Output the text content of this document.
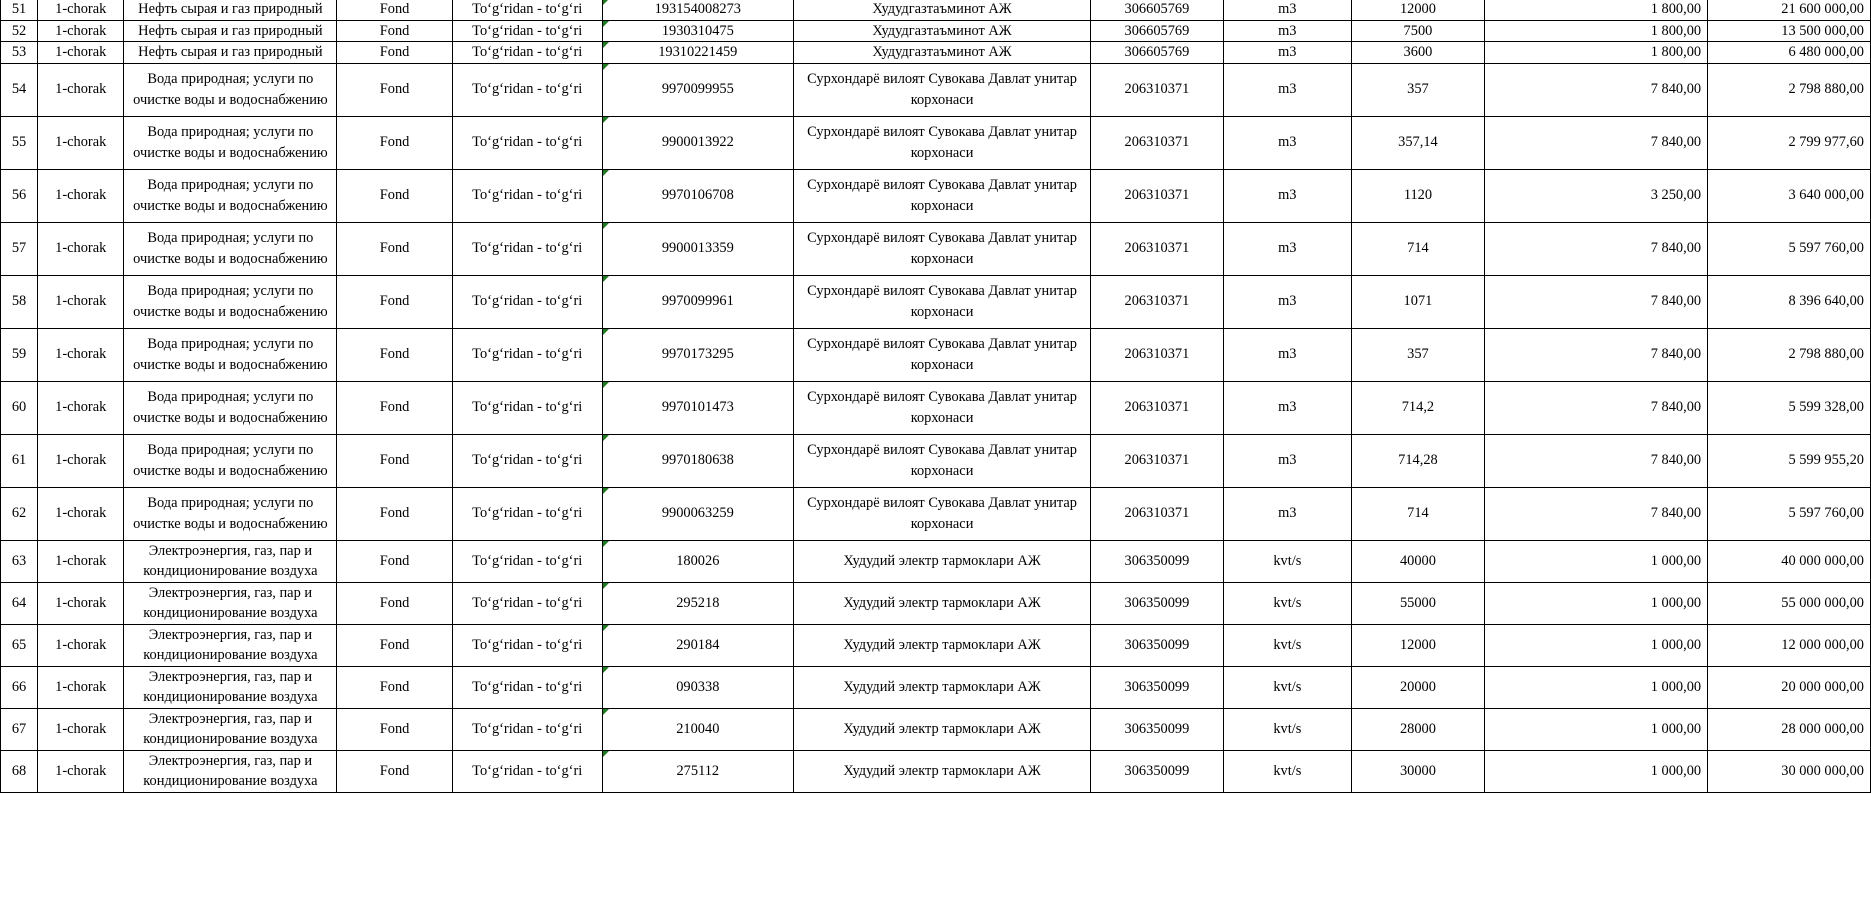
51	1-chorak	Нефть сырая и газ природный	Fond	To‘g‘ridan - to‘g‘ri	193154008273	Худудгазтаъминот АЖ	306605769	m3	12000	1 800,00	21 600 000,00
52	1-chorak	Нефть сырая и газ природный	Fond	To‘g‘ridan - to‘g‘ri	1930310475	Худудгазтаъминот АЖ	306605769	m3	7500	1 800,00	13 500 000,00
53	1-chorak	Нефть сырая и газ природный	Fond	To‘g‘ridan - to‘g‘ri	19310221459	Худудгазтаъминот АЖ	306605769	m3	3600	1 800,00	6 480 000,00
54	1-chorak	Вода природная; услуги по очистке воды и водоснабжению	Fond	To‘g‘ridan - to‘g‘ri	9970099955	Сурхондарё вилоят Сувокава Давлат унитар корхонаси	206310371	m3	357	7 840,00	2 798 880,00
55	1-chorak	Вода природная; услуги по очистке воды и водоснабжению	Fond	To‘g‘ridan - to‘g‘ri	9900013922	Сурхондарё вилоят Сувокава Давлат унитар корхонаси	206310371	m3	357,14	7 840,00	2 799 977,60
56	1-chorak	Вода природная; услуги по очистке воды и водоснабжению	Fond	To‘g‘ridan - to‘g‘ri	9970106708	Сурхондарё вилоят Сувокава Давлат унитар корхонаси	206310371	m3	1120	3 250,00	3 640 000,00
57	1-chorak	Вода природная; услуги по очистке воды и водоснабжению	Fond	To‘g‘ridan - to‘g‘ri	9900013359	Сурхондарё вилоят Сувокава Давлат унитар корхонаси	206310371	m3	714	7 840,00	5 597 760,00
58	1-chorak	Вода природная; услуги по очистке воды и водоснабжению	Fond	To‘g‘ridan - to‘g‘ri	9970099961	Сурхондарё вилоят Сувокава Давлат унитар корхонаси	206310371	m3	1071	7 840,00	8 396 640,00
59	1-chorak	Вода природная; услуги по очистке воды и водоснабжению	Fond	To‘g‘ridan - to‘g‘ri	9970173295	Сурхондарё вилоят Сувокава Давлат унитар корхонаси	206310371	m3	357	7 840,00	2 798 880,00
60	1-chorak	Вода природная; услуги по очистке воды и водоснабжению	Fond	To‘g‘ridan - to‘g‘ri	9970101473	Сурхондарё вилоят Сувокава Давлат унитар корхонаси	206310371	m3	714,2	7 840,00	5 599 328,00
61	1-chorak	Вода природная; услуги по очистке воды и водоснабжению	Fond	To‘g‘ridan - to‘g‘ri	9970180638	Сурхондарё вилоят Сувокава Давлат унитар корхонаси	206310371	m3	714,28	7 840,00	5 599 955,20
62	1-chorak	Вода природная; услуги по очистке воды и водоснабжению	Fond	To‘g‘ridan - to‘g‘ri	9900063259	Сурхондарё вилоят Сувокава Давлат унитар корхонаси	206310371	m3	714	7 840,00	5 597 760,00
63	1-chorak	Электроэнергия, газ, пар и кондиционирование воздуха	Fond	To‘g‘ridan - to‘g‘ri	180026	Худудий электр тармоклари АЖ	306350099	kvt/s	40000	1 000,00	40 000 000,00
64	1-chorak	Электроэнергия, газ, пар и кондиционирование воздуха	Fond	To‘g‘ridan - to‘g‘ri	295218	Худудий электр тармоклари АЖ	306350099	kvt/s	55000	1 000,00	55 000 000,00
65	1-chorak	Электроэнергия, газ, пар и кондиционирование воздуха	Fond	To‘g‘ridan - to‘g‘ri	290184	Худудий электр тармоклари АЖ	306350099	kvt/s	12000	1 000,00	12 000 000,00
66	1-chorak	Электроэнергия, газ, пар и кондиционирование воздуха	Fond	To‘g‘ridan - to‘g‘ri	090338	Худудий электр тармоклари АЖ	306350099	kvt/s	20000	1 000,00	20 000 000,00
67	1-chorak	Электроэнергия, газ, пар и кондиционирование воздуха	Fond	To‘g‘ridan - to‘g‘ri	210040	Худудий электр тармоклари АЖ	306350099	kvt/s	28000	1 000,00	28 000 000,00
68	1-chorak	Электроэнергия, газ, пар и кондиционирование воздуха	Fond	To‘g‘ridan - to‘g‘ri	275112	Худудий электр тармоклари АЖ	306350099	kvt/s	30000	1 000,00	30 000 000,00
